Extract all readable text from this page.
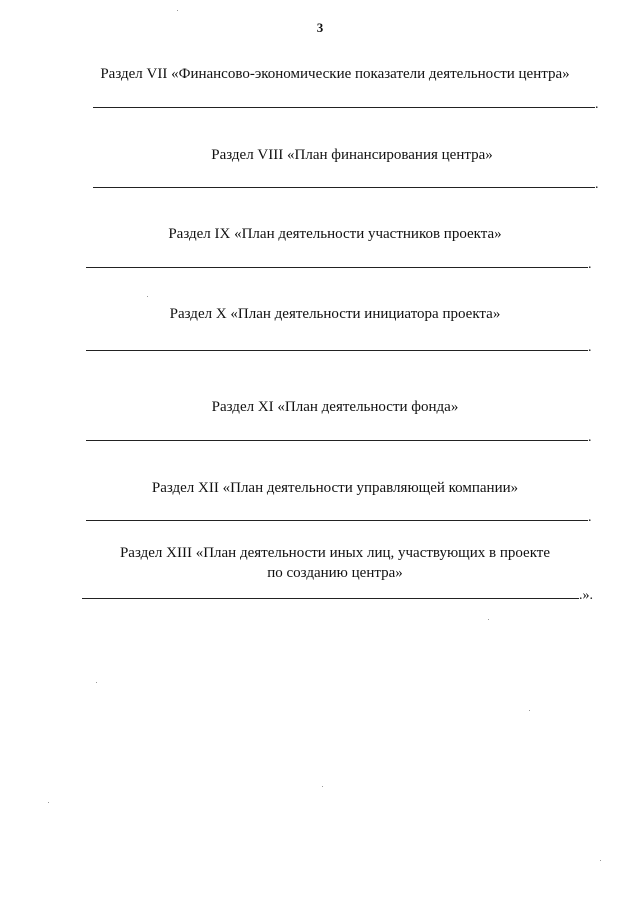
3
Раздел VII «Финансово-экономические показатели деятельности центра»
.
Раздел VIII «План финансирования центра»
.
Раздел IX «План деятельности участников проекта»
.
Раздел X «План деятельности инициатора проекта»
.
Раздел XI «План деятельности фонда»
.
Раздел XII «План деятельности управляющей компании»
.
Раздел XIII «План деятельности иных лиц, участвующих в проекте
по созданию центра»
.».
